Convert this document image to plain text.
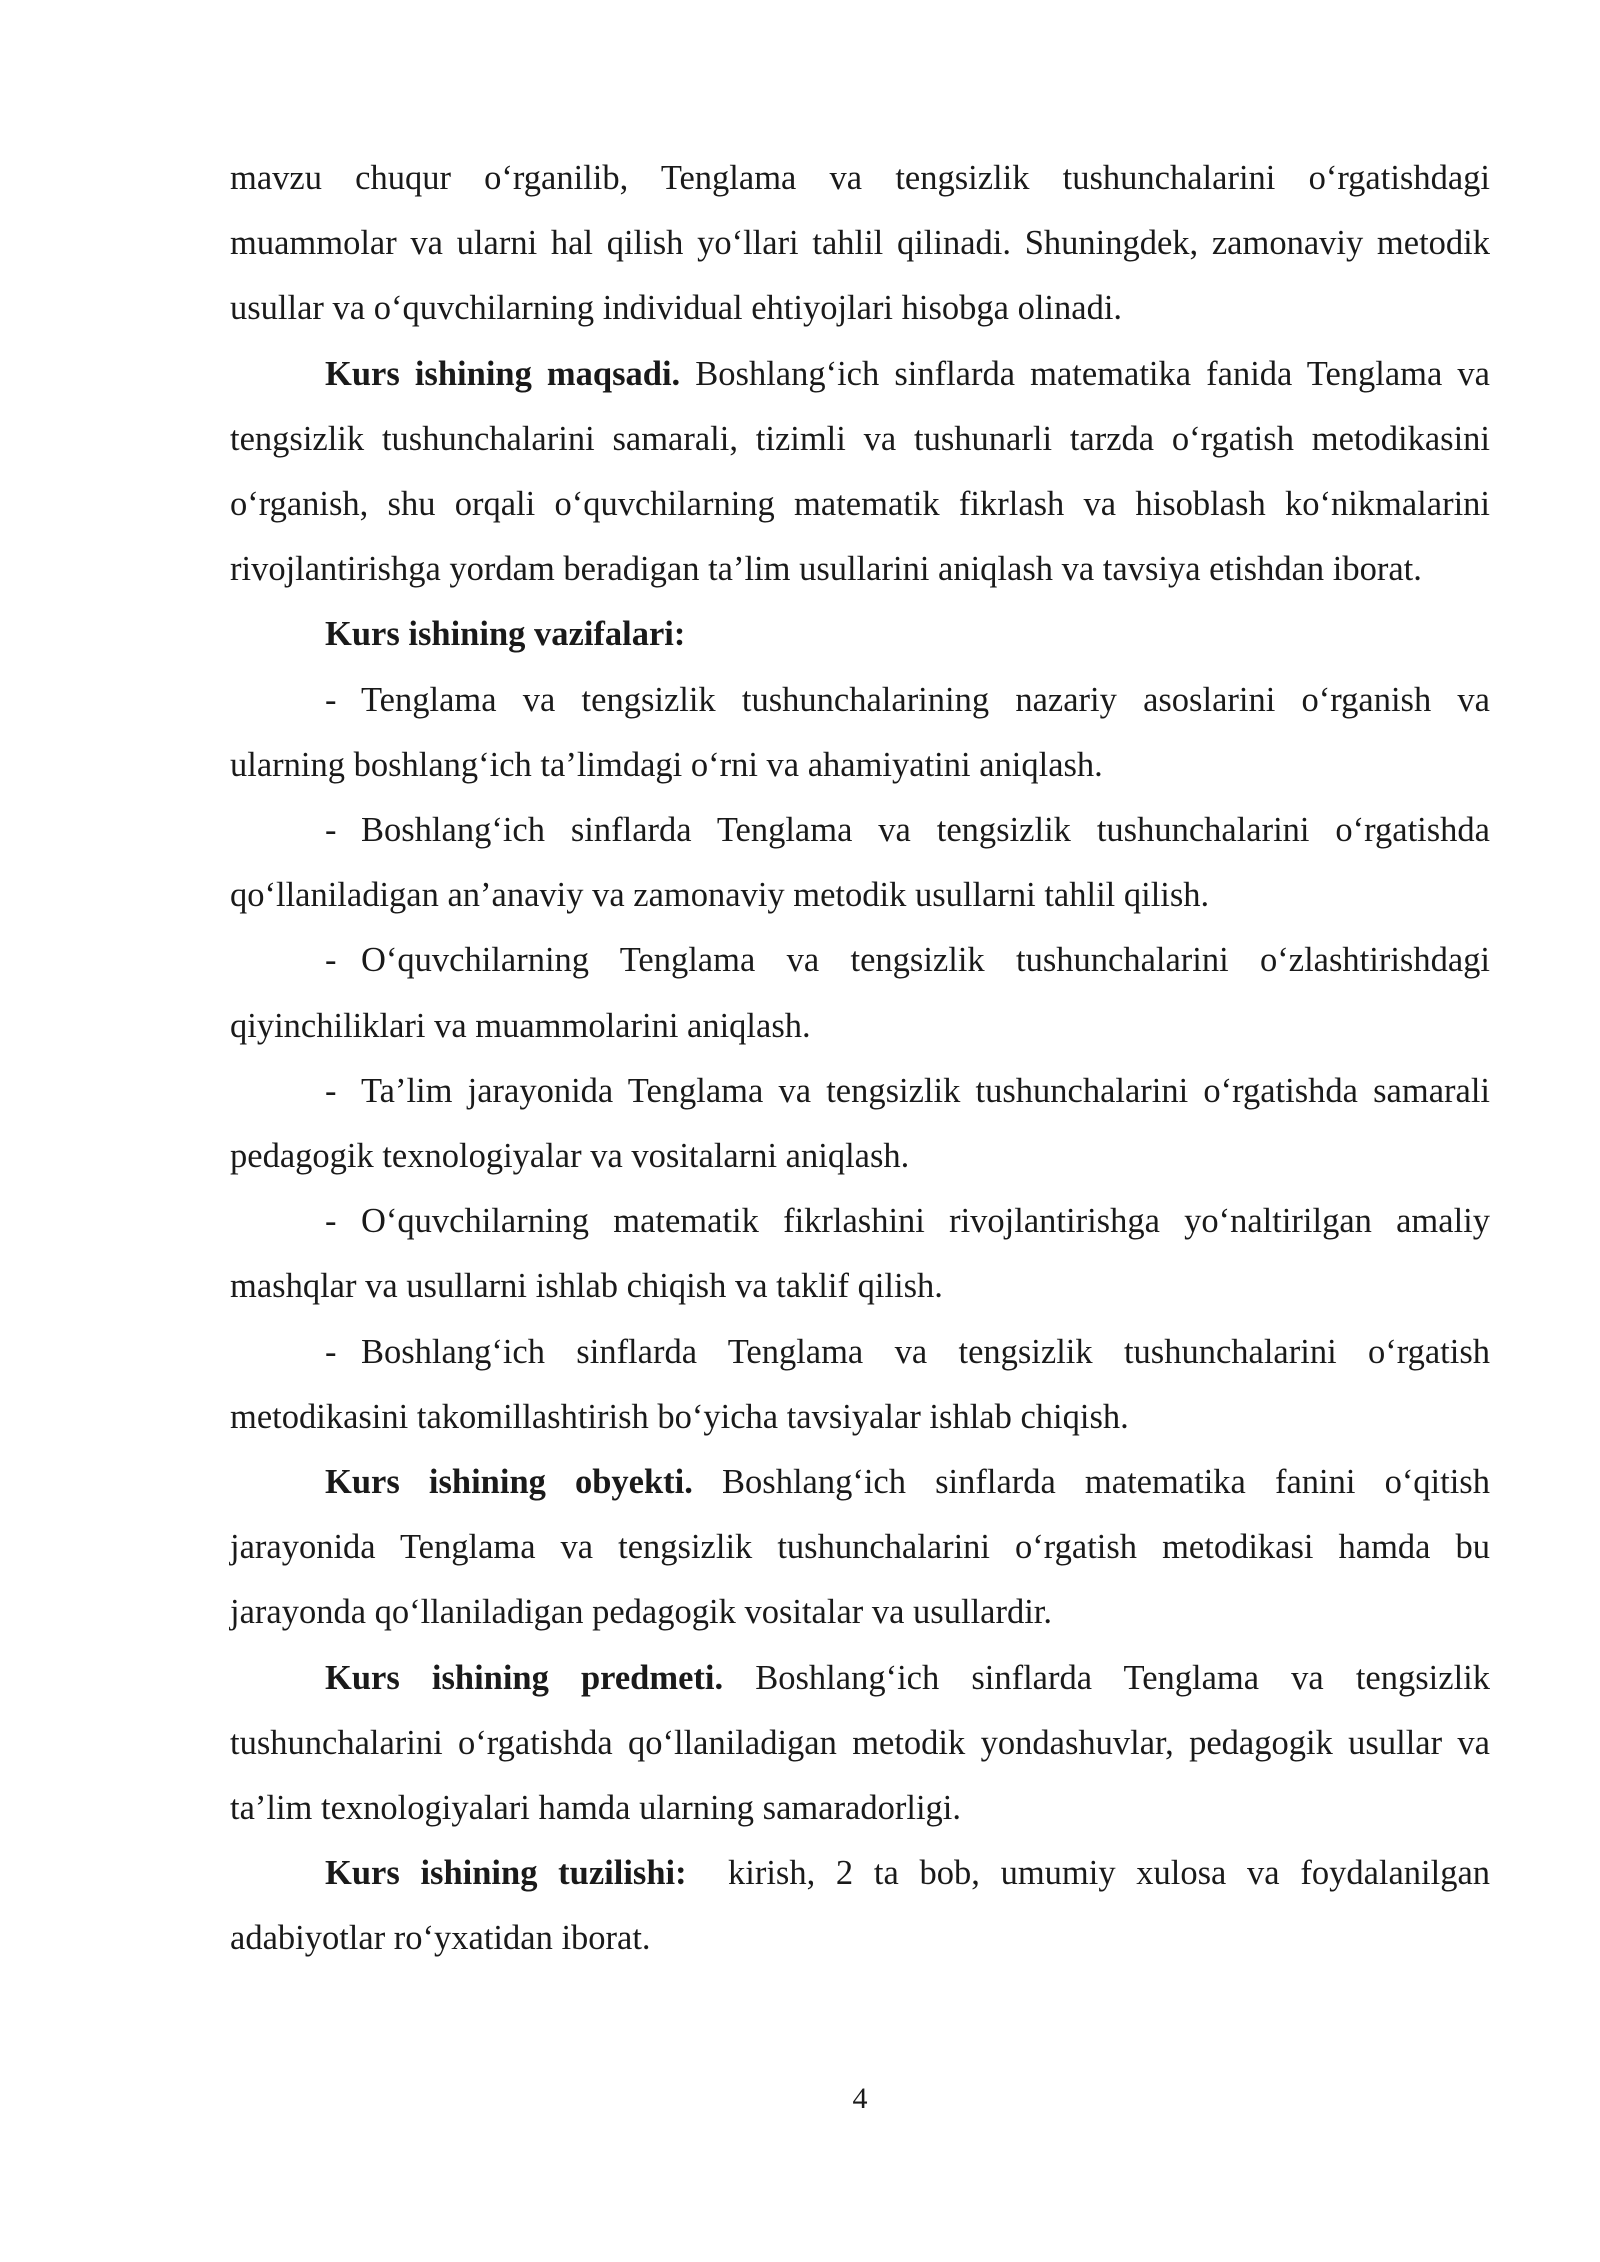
mavzu chuqur o‘rganilib, Tenglama va tengsizlik tushunchalarini o‘rgatishdagi muammolar va ularni hal qilish yo‘llari tahlil qilinadi. Shuningdek, zamonaviy metodik usullar va o‘quvchilarning individual ehtiyojlari hisobga olinadi.

Kurs ishining maqsadi. Boshlang‘ich sinflarda matematika fanida Tenglama va tengsizlik tushunchalarini samarali, tizimli va tushunarli tarzda o‘rgatish metodikasini o‘rganish, shu orqali o‘quvchilarning matematik fikrlash va hisoblash ko‘nikmalarini rivojlantirishga yordam beradigan ta’lim usullarini aniqlash va tavsiya etishdan iborat.

Kurs ishining vazifalari:

- Tenglama va tengsizlik tushunchalarining nazariy asoslarini o‘rganish va ularning boshlang‘ich ta’limdagi o‘rni va ahamiyatini aniqlash.

- Boshlang‘ich sinflarda Tenglama va tengsizlik tushunchalarini o‘rgatishda qo‘llaniladigan an’anaviy va zamonaviy metodik usullarni tahlil qilish.

- O‘quvchilarning Tenglama va tengsizlik tushunchalarini o‘zlashtirishdagi qiyinchiliklari va muammolarini aniqlash.

- Ta’lim jarayonida Tenglama va tengsizlik tushunchalarini o‘rgatishda samarali pedagogik texnologiyalar va vositalarni aniqlash.

- O‘quvchilarning matematik fikrlashini rivojlantirishga yo‘naltirilgan amaliy mashqlar va usullarni ishlab chiqish va taklif qilish.

- Boshlang‘ich sinflarda Tenglama va tengsizlik tushunchalarini o‘rgatish metodikasini takomillashtirish bo‘yicha tavsiyalar ishlab chiqish.

Kurs ishining obyekti. Boshlang‘ich sinflarda matematika fanini o‘qitish jarayonida Tenglama va tengsizlik tushunchalarini o‘rgatish metodikasi hamda bu jarayonda qo‘llaniladigan pedagogik vositalar va usullardir.

Kurs ishining predmeti. Boshlang‘ich sinflarda Tenglama va tengsizlik tushunchalarini o‘rgatishda qo‘llaniladigan metodik yondashuvlar, pedagogik usullar va ta’lim texnologiyalari hamda ularning samaradorligi.

Kurs ishining tuzilishi:  kirish, 2 ta bob, umumiy xulosa va foydalanilgan adabiyotlar ro‘yxatidan iborat.

4
